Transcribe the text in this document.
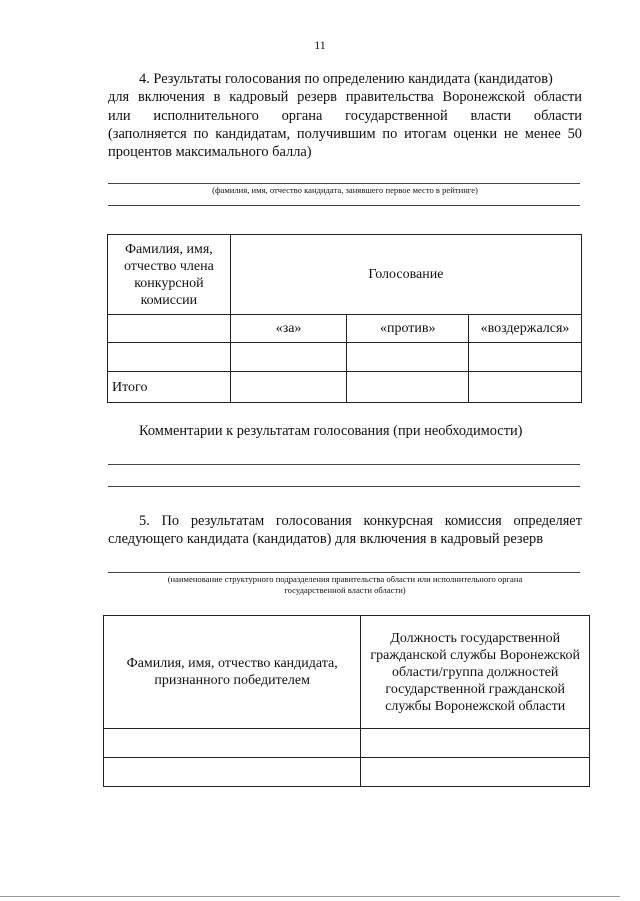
11
4. Результаты голосования по определению кандидата (кандидатов)
для включения в кадровый резерв правительства Воронежской области
или исполнительного органа государственной власти области
(заполняется по кандидатам, получившим по итогам оценки не менее 50
процентов максимального балла)
(фамилия, имя, отчество кандидата, занявшего первое место в рейтинге)
Фамилия, имя, отчество члена конкурсной комиссии	Голосование		
	«за»	«против»	«воздержался»

Итого			
Комментарии к результатам голосования (при необходимости)
5. По результатам голосования конкурсная комиссия определяет
следующего кандидата (кандидатов) для включения в кадровый резерв
(наименование структурного подразделения правительства области или исполнительного органа
государственной власти области)
Фамилия, имя, отчество кандидата, признанного победителем	Должность государственной гражданской службы Воронежской области/группа должностей государственной гражданской службы Воронежской области
